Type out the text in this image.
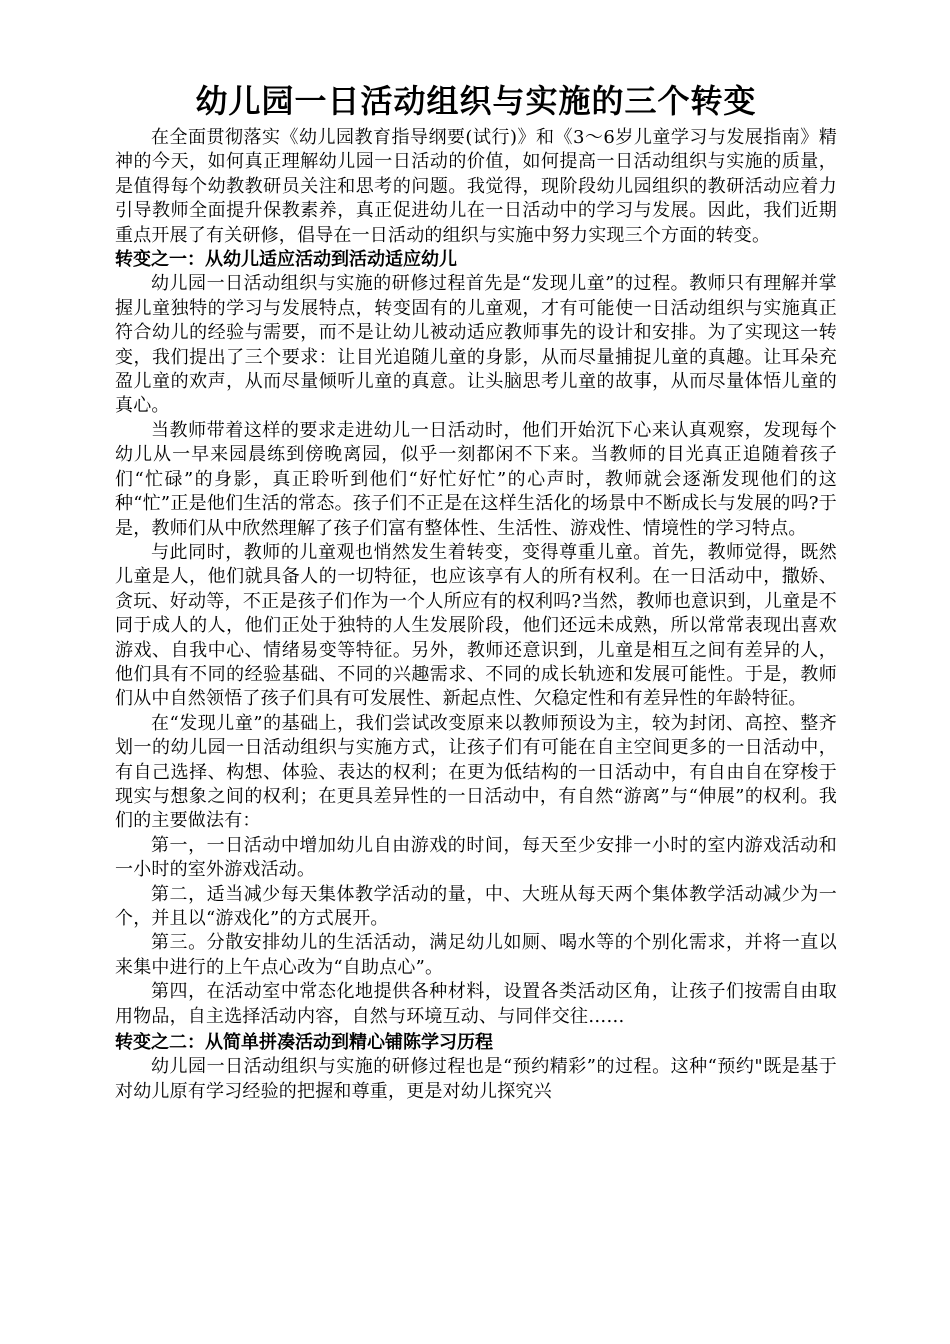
幼儿园一日活动组织与实施的三个转变

在全面贯彻落实《幼儿园教育指导纲要(试行)》和《3～6岁儿童学习与发展指南》精神的今天，如何真正理解幼儿园一日活动的价值，如何提高一日活动组织与实施的质量，是值得每个幼教教研员关注和思考的问题。我觉得，现阶段幼儿园组织的教研活动应着力引导教师全面提升保教素养，真正促进幼儿在一日活动中的学习与发展。因此，我们近期重点开展了有关研修，倡导在一日活动的组织与实施中努力实现三个方面的转变。

转变之一：从幼儿适应活动到活动适应幼儿

幼儿园一日活动组织与实施的研修过程首先是“发现儿童”的过程。教师只有理解并掌握儿童独特的学习与发展特点，转变固有的儿童观，才有可能使一日活动组织与实施真正符合幼儿的经验与需要，而不是让幼儿被动适应教师事先的设计和安排。为了实现这一转变，我们提出了三个要求：让目光追随儿童的身影，从而尽量捕捉儿童的真趣。让耳朵充盈儿童的欢声，从而尽量倾听儿童的真意。让头脑思考儿童的故事，从而尽量体悟儿童的真心。

当教师带着这样的要求走进幼儿一日活动时，他们开始沉下心来认真观察，发现每个幼儿从一早来园晨练到傍晚离园，似乎一刻都闲不下来。当教师的目光真正追随着孩子们“忙碌”的身影，真正聆听到他们“好忙好忙”的心声时，教师就会逐渐发现他们的这种“忙”正是他们生活的常态。孩子们不正是在这样生活化的场景中不断成长与发展的吗?于是，教师们从中欣然理解了孩子们富有整体性、生活性、游戏性、情境性的学习特点。

与此同时，教师的儿童观也悄然发生着转变，变得尊重儿童。首先，教师觉得，既然儿童是人，他们就具备人的一切特征，也应该享有人的所有权利。在一日活动中，撒娇、贪玩、好动等，不正是孩子们作为一个人所应有的权利吗?当然，教师也意识到，儿童是不同于成人的人，他们正处于独特的人生发展阶段，他们还远未成熟，所以常常表现出喜欢游戏、自我中心、情绪易变等特征。另外，教师还意识到，儿童是相互之间有差异的人，他们具有不同的经验基础、不同的兴趣需求、不同的成长轨迹和发展可能性。于是，教师们从中自然领悟了孩子们具有可发展性、新起点性、欠稳定性和有差异性的年龄特征。

在“发现儿童”的基础上，我们尝试改变原来以教师预设为主，较为封闭、高控、整齐划一的幼儿园一日活动组织与实施方式，让孩子们有可能在自主空间更多的一日活动中，有自己选择、构想、体验、表达的权利；在更为低结构的一日活动中，有自由自在穿梭于现实与想象之间的权利；在更具差异性的一日活动中，有自然“游离”与“伸展”的权利。我们的主要做法有：

第一，一日活动中增加幼儿自由游戏的时间，每天至少安排一小时的室内游戏活动和一小时的室外游戏活动。

第二，适当减少每天集体教学活动的量，中、大班从每天两个集体教学活动减少为一个，并且以“游戏化”的方式展开。

第三。分散安排幼儿的生活活动，满足幼儿如厕、喝水等的个别化需求，并将一直以来集中进行的上午点心改为“自助点心”。

第四，在活动室中常态化地提供各种材料，设置各类活动区角，让孩子们按需自由取用物品，自主选择活动内容，自然与环境互动、与同伴交往……

转变之二：从简单拼凑活动到精心铺陈学习历程

幼儿园一日活动组织与实施的研修过程也是“预约精彩”的过程。这种“预约"既是基于对幼儿原有学习经验的把握和尊重，更是对幼儿探究兴
